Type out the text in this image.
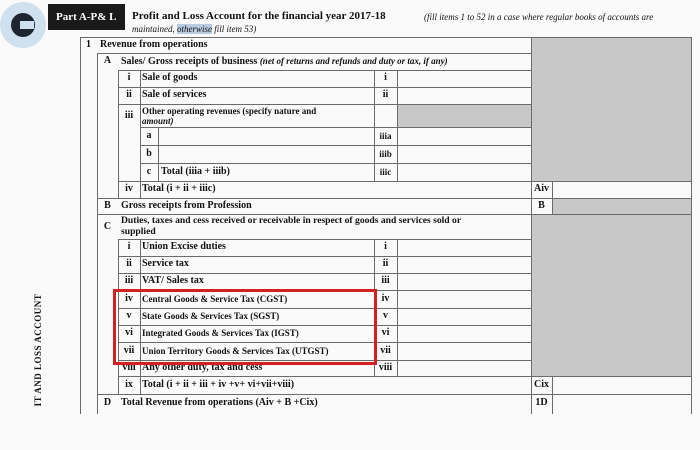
Part A-P& L Profit and Loss Account for the financial year 2017-18	(fill items 1 to 52 in a case where regular books of accounts are
maintained, otherwise fill item 53)
IT AND LOSS ACCOUNT
1 Revenue from operations
A Sales/ Gross receipts of business (net of returns and refunds and duty or tax, if any)
i	Sale of goods	i
ii	Sale of services	ii
iii Other operating revenues (specify nature and
amount)
a	iiia
b	iiib
c Total (iiia + iiib)	iiic
iv Total (i + ii + iiic)	Aiv
B	Gross receipts from Profession	B
C
Duties, taxes and cess received or receivable in respect of goods and services sold or
supplied
i	Union Excise duties	i
ii	Service tax	ii
iii VAT/ Sales tax	iii
iv	Central Goods & Service Tax (CGST)	iv
v	State Goods & Services Tax (SGST)	v
vi	Integrated Goods & Services Tax (IGST)	vi
vii Union Territory Goods & Services Tax (UTGST)	vii
viii Any other duty, tax and cess	viii
ix Total (i + ii + iii + iv +v+ vi+vii+viii)	Cix
D Total Revenue from operations (Aiv + B +Cix)	1D
